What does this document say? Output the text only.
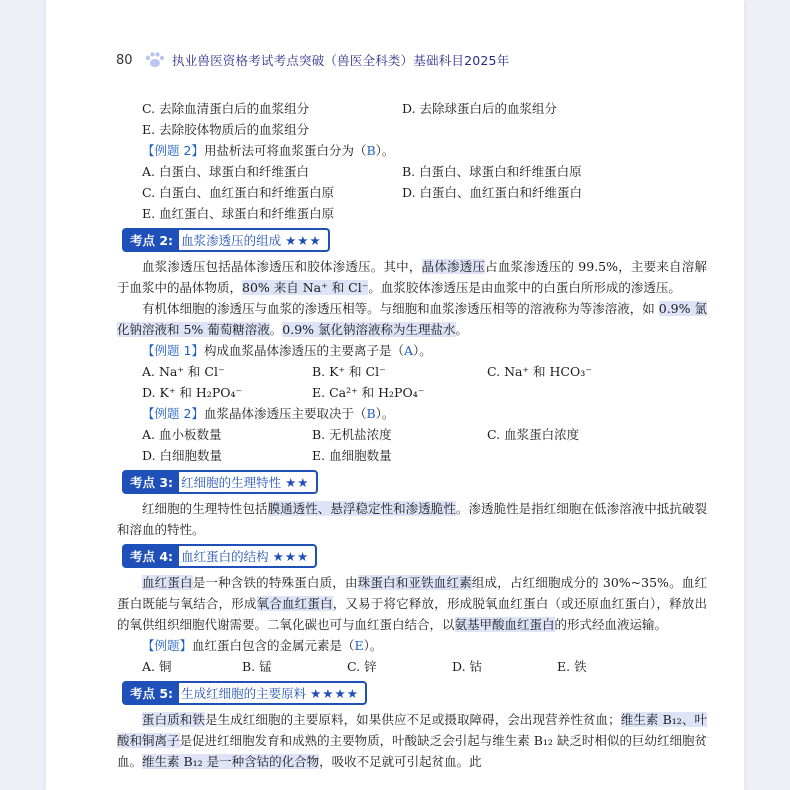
80	执业兽医资格考试考点突破（兽医全科类）基础科目2025年
C. 去除血清蛋白后的血浆组分	D. 去除球蛋白后的血浆组分
E. 去除胶体物质后的血浆组分
【例题 2】用盐析法可将血浆蛋白分为（B）。
A. 白蛋白、球蛋白和纤维蛋白	B. 白蛋白、球蛋白和纤维蛋白原
C. 白蛋白、血红蛋白和纤维蛋白原	D. 白蛋白、血红蛋白和纤维蛋白
E. 血红蛋白、球蛋白和纤维蛋白原
考点 2: 血浆渗透压的组成 ★★★
血浆渗透压包括晶体渗透压和胶体渗透压。其中，晶体渗透压占血浆渗透压的 99.5%，主要来自溶解于血浆中的晶体物质，80% 来自 Na⁺ 和 Cl⁻。血浆胶体渗透压是由血浆中的白蛋白所形成的渗透压。
有机体细胞的渗透压与血浆的渗透压相等。与细胞和血浆渗透压相等的溶液称为等渗溶液，如 0.9% 氯化钠溶液和 5% 葡萄糖溶液。0.9% 氯化钠溶液称为生理盐水。
【例题 1】构成血浆晶体渗透压的主要离子是（A）。
A. Na⁺ 和 Cl⁻	B. K⁺ 和 Cl⁻	C. Na⁺ 和 HCO₃⁻
D. K⁺ 和 H₂PO₄⁻	E. Ca²⁺ 和 H₂PO₄⁻
【例题 2】血浆晶体渗透压主要取决于（B）。
A. 血小板数量	B. 无机盐浓度	C. 血浆蛋白浓度
D. 白细胞数量	E. 血细胞数量
考点 3: 红细胞的生理特性 ★★
红细胞的生理特性包括膜通透性、悬浮稳定性和渗透脆性。渗透脆性是指红细胞在低渗溶液中抵抗破裂和溶血的特性。
考点 4: 血红蛋白的结构 ★★★
血红蛋白是一种含铁的特殊蛋白质，由珠蛋白和亚铁血红素组成，占红细胞成分的 30%~35%。血红蛋白既能与氧结合，形成氧合血红蛋白，又易于将它释放，形成脱氧血红蛋白（或还原血红蛋白），释放出的氧供组织细胞代谢需要。二氧化碳也可与血红蛋白结合，以氨基甲酸血红蛋白的形式经血液运输。
【例题】血红蛋白包含的金属元素是（E）。
A. 铜	B. 锰	C. 锌	D. 钴	E. 铁
考点 5: 生成红细胞的主要原料 ★★★★
蛋白质和铁是生成红细胞的主要原料，如果供应不足或摄取障碍，会出现营养性贫血；维生素 B₁₂、叶酸和铜离子是促进红细胞发育和成熟的主要物质，叶酸缺乏会引起与维生素 B₁₂ 缺乏时相似的巨幼红细胞贫血。维生素 B₁₂ 是一种含钴的化合物，吸收不足就可引起贫血。此
